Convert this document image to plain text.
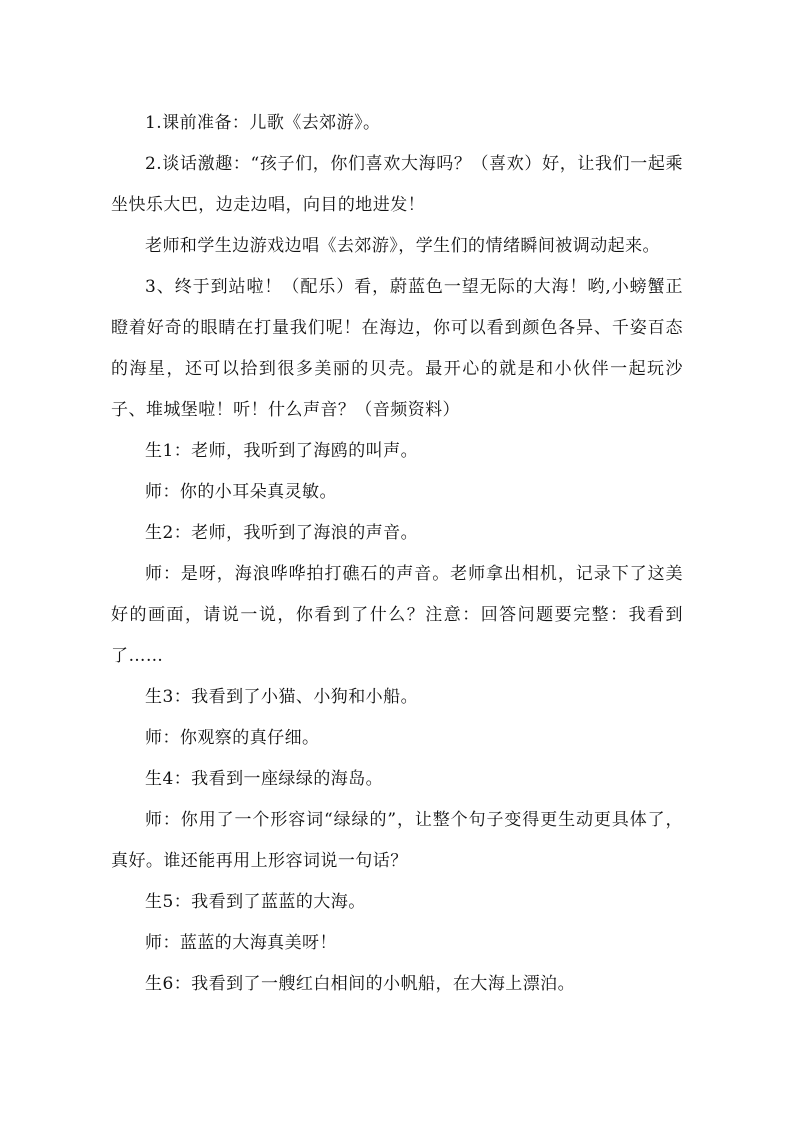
1.课前准备：儿歌《去郊游》。

2.谈话激趣：“孩子们，你们喜欢大海吗？（喜欢）好，让我们一起乘坐快乐大巴，边走边唱，向目的地进发！

老师和学生边游戏边唱《去郊游》，学生们的情绪瞬间被调动起来。

3、终于到站啦！（配乐）看，蔚蓝色一望无际的大海！哟,小螃蟹正瞪着好奇的眼睛在打量我们呢！在海边，你可以看到颜色各异、千姿百态的海星，还可以拾到很多美丽的贝壳。最开心的就是和小伙伴一起玩沙子、堆城堡啦！听！什么声音？（音频资料）

生1：老师，我听到了海鸥的叫声。

师：你的小耳朵真灵敏。

生2：老师，我听到了海浪的声音。

师：是呀，海浪哗哗拍打礁石的声音。老师拿出相机，记录下了这美好的画面，请说一说，你看到了什么？注意：回答问题要完整：我看到了……

生3：我看到了小猫、小狗和小船。

师：你观察的真仔细。

生4：我看到一座绿绿的海岛。

师：你用了一个形容词“绿绿的”，让整个句子变得更生动更具体了，真好。谁还能再用上形容词说一句话？

生5：我看到了蓝蓝的大海。

师：蓝蓝的大海真美呀！

生6：我看到了一艘红白相间的小帆船，在大海上漂泊。
